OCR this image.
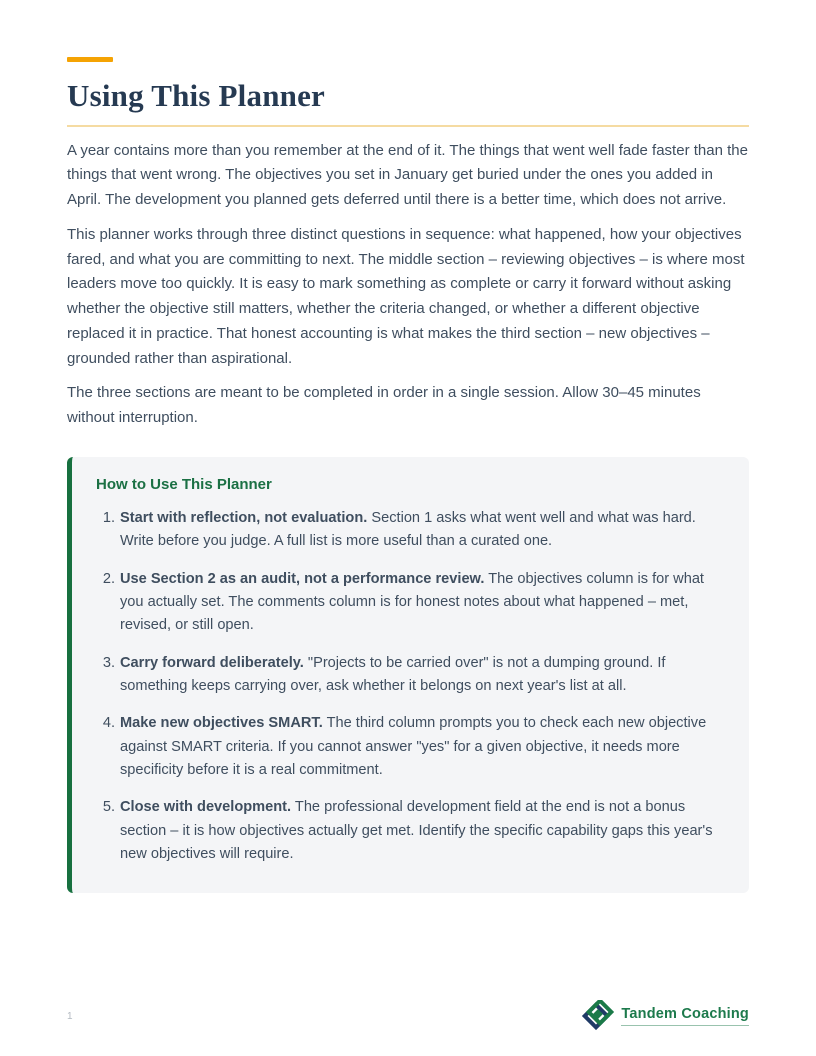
Using This Planner

A year contains more than you remember at the end of it. The things that went well fade faster than the things that went wrong. The objectives you set in January get buried under the ones you added in April. The development you planned gets deferred until there is a better time, which does not arrive.

This planner works through three distinct questions in sequence: what happened, how your objectives fared, and what you are committing to next. The middle section – reviewing objectives – is where most leaders move too quickly. It is easy to mark something as complete or carry it forward without asking whether the objective still matters, whether the criteria changed, or whether a different objective replaced it in practice. That honest accounting is what makes the third section – new objectives – grounded rather than aspirational.

The three sections are meant to be completed in order in a single session. Allow 30–45 minutes without interruption.

How to Use This Planner
1. Start with reflection, not evaluation. Section 1 asks what went well and what was hard. Write before you judge. A full list is more useful than a curated one.
2. Use Section 2 as an audit, not a performance review. The objectives column is for what you actually set. The comments column is for honest notes about what happened – met, revised, or still open.
3. Carry forward deliberately. "Projects to be carried over" is not a dumping ground. If something keeps carrying over, ask whether it belongs on next year's list at all.
4. Make new objectives SMART. The third column prompts you to check each new objective against SMART criteria. If you cannot answer "yes" for a given objective, it needs more specificity before it is a real commitment.
5. Close with development. The professional development field at the end is not a bonus section – it is how objectives actually get met. Identify the specific capability gaps this year's new objectives will require.
1	Tandem Coaching
